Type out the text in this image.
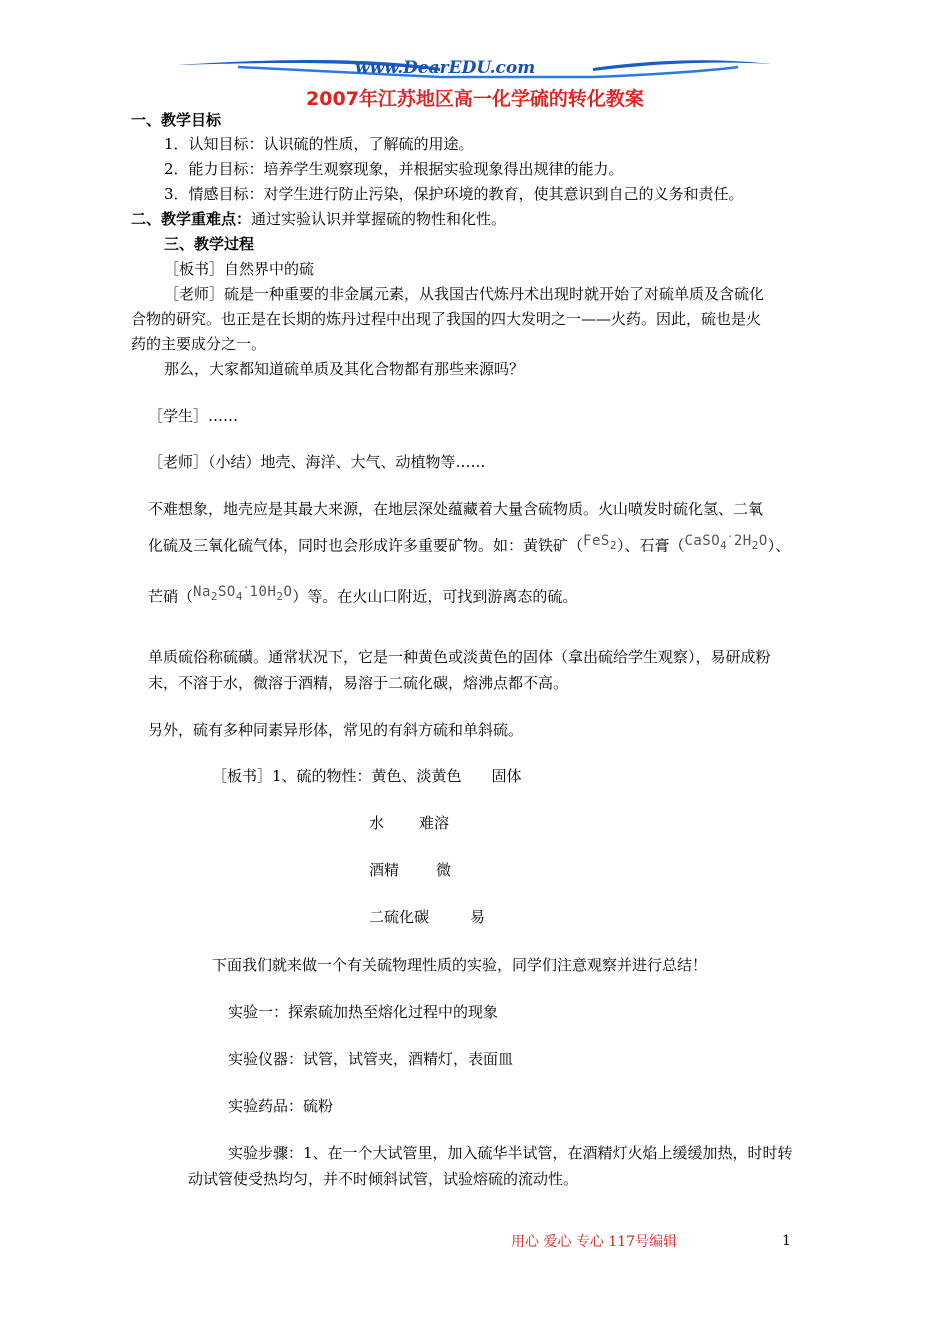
www.DearEDU.com
2007年江苏地区高一化学硫的转化教案
一、教学目标
1．认知目标：认识硫的性质，了解硫的用途。
2．能力目标：培养学生观察现象，并根据实验现象得出规律的能力。
3．情感目标：对学生进行防止污染，保护环境的教育，使其意识到自己的义务和责任。
二、教学重难点：通过实验认识并掌握硫的物性和化性。
三、教学过程
［板书］自然界中的硫
［老师］硫是一种重要的非金属元素，从我国古代炼丹术出现时就开始了对硫单质及含硫化
合物的研究。也正是在长期的炼丹过程中出现了我国的四大发明之一——火药。因此，硫也是火
药的主要成分之一。
那么，大家都知道硫单质及其化合物都有那些来源吗？
［学生］……
［老师］（小结）地壳、海洋、大气、动植物等……
不难想象，地壳应是其最大来源，在地层深处蕴藏着大量含硫物质。火山喷发时硫化氢、二氧
化硫及三氧化硫气体，同时也会形成许多重要矿物。如：黄铁矿（FeS$_2$）、石膏$(CaSO_4^\cdot 2H_2O)$、
芒硝$(Na_2SO_4^\cdot 10H_2O)$等。在火山口附近，可找到游离态的硫。
单质硫俗称硫磺。通常状况下，它是一种黄色或淡黄色的固体（拿出硫给学生观察），易研成粉
末，不溶于水，微溶于酒精，易溶于二硫化碳，熔沸点都不高。
另外，硫有多种同素异形体，常见的有斜方硫和单斜硫。
［板书］1、硫的物性：黄色、淡黄色　　固体
水 难溶
酒精 微
二硫化碳	易
下面我们就来做一个有关硫物理性质的实验，同学们注意观察并进行总结！
实验一：探索硫加热至熔化过程中的现象
实验仪器：试管，试管夹，酒精灯，表面皿
实验药品：硫粉
实验步骤：1、在一个大试管里，加入硫华半试管，在酒精灯火焰上缓缓加热，时时转
动试管使受热均匀，并不时倾斜试管，试验熔硫的流动性。
用心 爱心 专心 117号编辑	1
